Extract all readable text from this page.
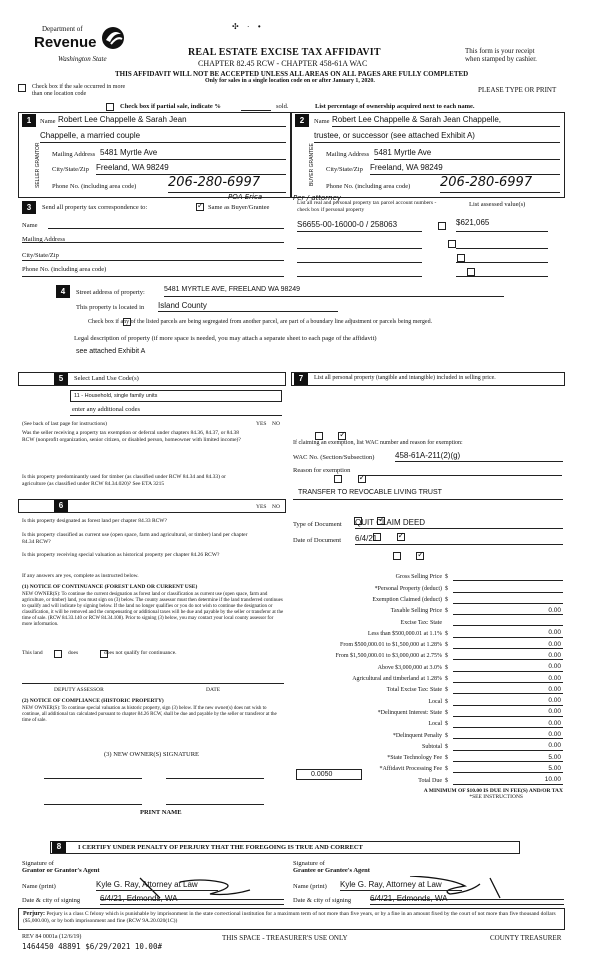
Department of
Revenue
Washington State
✣ · •
REAL ESTATE EXCISE TAX AFFIDAVIT
CHAPTER 82.45 RCW - CHAPTER 458-61A WAC
THIS AFFIDAVIT WILL NOT BE ACCEPTED UNLESS ALL AREAS ON ALL PAGES ARE FULLY COMPLETED
Only for sales in a single location code on or after January 1, 2020.
This form is your receipt
when stamped by cashier.
PLEASE TYPE OR PRINT
Check box if the sale occurred in more than one location code
Check box if partial sale, indicate %	sold.	List percentage of ownership acquired next to each name.
1
SELLER GRANTOR
Name Robert Lee Chappelle & Sarah Jean
Chappelle, a married couple
Mailing Address 5481 Myrtle Ave
City/State/Zip Freeland, WA 98249
Phone No. (including area code) 206-280-6997
2
BUYER GRANTEE
Name Robert Lee Chappelle & Sarah Jean Chappelle,
trustee, or successor (see attached Exhibit A)
Mailing Address 5481 Myrtle Ave
City/State/Zip Freeland, WA 98249
Phone No. (including area code) 206-280-6997
3	Send all property tax correspondence to:
✓	Same as Buyer/Grantee
POA Erica	Per / attorney
List all real and personal property tax parcel account numbers - check box if personal property
List assessed value(s)
Name
Mailing Address
City/State/Zip
Phone No. (including area code)
S6655-00-16000-0 / 258063
	$621,065

4	Street address of property:	5481 MYRTLE AVE, FREELAND WA 98249
This property is located in Island County

Check box if any of the listed parcels are being segregated from another parcel, are part of a boundary line adjustment or parcels being merged.
Legal description of property (if more space is needed, you may attach a separate sheet to each page of the affidavit)
see attached Exhibit A
5	Select Land Use Code(s)
11 - Household, single family units
enter any additional codes
(See back of last page for instructions)	YES NO
Was the seller receiving a property tax exemption or deferral under chapters 84.36, 84.37, or 84.38 RCW (nonprofit organization, senior citizen, or disabled person, homeowner with limited income)?
✓
Is this property predominantly used for timber (as classified under RCW 84.34 and 84.33) or agriculture (as classified under RCW 84.34.020)? See ETA 3215
✓
6	YES NO
Is this property designated as forest land per chapter 84.33 RCW?
✓
Is this property classified as current use (open space, farm and agricultural, or timber) land per chapter 84.34 RCW?
✓
Is this property receiving special valuation as historical property per chapter 84.26 RCW?
✓
If any answers are yes, complete as instructed below.
(1) NOTICE OF CONTINUANCE (FOREST LAND OR CURRENT USE)
NEW OWNER(S): To continue the current designation as forest land or classification as current use (open space, farm and agriculture, or timber) land, you must sign on (3) below. The county assessor must then determine if the land transferred continues to qualify and will indicate by signing below. If the land no longer qualifies or you do not wish to continue the designation or classification, it will be removed and the compensating or additional taxes will be due and payable by the seller or transferor at the time of sale. (RCW 84.33.140 or RCW 84.34.108). Prior to signing (3) below, you may contact your local county assessor for more information.
This land
	does	does not qualify for continuance.
DEPUTY ASSESSOR	DATE
(2) NOTICE OF COMPLIANCE (HISTORIC PROPERTY)
NEW OWNER(S): To continue special valuation as historic property, sign (3) below. If the new owner(s) does not wish to continue, all additional tax calculated pursuant to chapter 84.26 RCW, shall be due and payable by the seller or transferor at the time of sale.
(3) NEW OWNER(S) SIGNATURE
PRINT NAME
7	List all personal property (tangible and intangible) included in selling price.
If claiming an exemption, list WAC number and reason for exemption:
WAC No. (Section/Subsection)	458-61A-211(2)(g)
Reason for exemption
TRANSFER TO REVOCABLE LIVING TRUST
Type of Document QUIT CLAIM DEED
Date of Document 6/4/21
Gross Selling Price $
*Personal Property (deduct) $
Exemption Claimed (deduct) $
Taxable Selling Price $	0.00
Excise Tax: State
Less than $500,000.01 at 1.1% $	0.00
From $500,000.01 to $1,500,000 at 1.28% $	0.00
From $1,500,000.01 to $3,000,000 at 2.75% $	0.00
Above $3,000,000 at 3.0% $	0.00
Agricultural and timberland at 1.28% $	0.00
Total Excise Tax: State $	0.00
Local $	0.00
*Delinquent Interest: State $	0.00
Local $	0.00
*Delinquent Penalty $	0.00
Subtotal $	0.00
*State Technology Fee $	5.00
*Affidavit Processing Fee $	5.00
Total Due $	10.00
A MINIMUM OF $10.00 IS DUE IN FEE(S) AND/OR TAX
*SEE INSTRUCTIONS
0.0050
8	I CERTIFY UNDER PENALTY OF PERJURY THAT THE FOREGOING IS TRUE AND CORRECT
Signature of
Grantor or Grantor's Agent
Name (print)	Kyle G. Ray, Attorney at Law
Date & city of signing 6/4/21, Edmonds, WA
Signature of
Grantee or Grantee's Agent
Name (print) Kyle G. Ray, Attorney at Law
Date & city of signing 6/4/21, Edmonds, WA
Perjury: Perjury is a class C felony which is punishable by imprisonment in the state correctional institution for a maximum term of not more than five years, or by a fine in an amount fixed by the court of not more than five thousand dollars ($5,000.00), or by both imprisonment and fine (RCW 9A.20.020(1C))
REV 84 0001a (12/6/19)
1464450 48891 $6/29/2021 10.00#
THIS SPACE - TREASURER'S USE ONLY	COUNTY TREASURER
